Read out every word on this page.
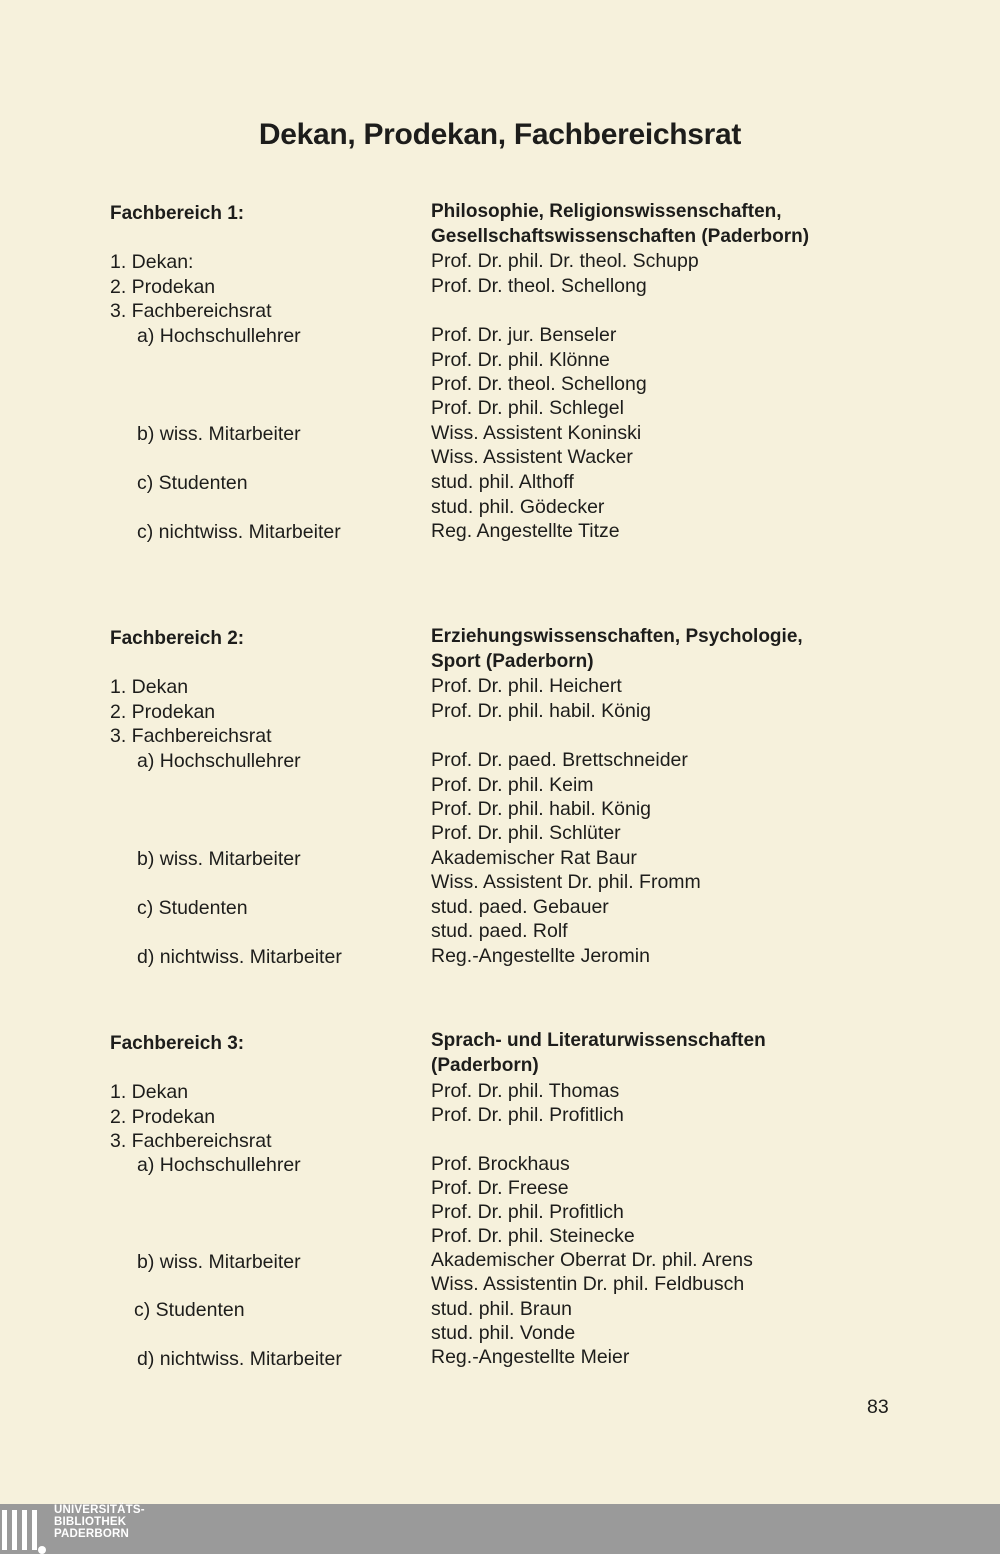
Dekan, Prodekan, Fachbereichsrat
Fachbereich 1:	Philosophie, Religionswissenschaften,
Gesellschaftswissenschaften (Paderborn)
1. Dekan:	Prof. Dr. phil. Dr. theol. Schupp
2. Prodekan	Prof. Dr. theol. Schellong
3. Fachbereichsrat
a) Hochschullehrer	Prof. Dr. jur. Benseler
Prof. Dr. phil. Klönne
Prof. Dr. theol. Schellong
Prof. Dr. phil. Schlegel
b) wiss. Mitarbeiter	Wiss. Assistent Koninski
Wiss. Assistent Wacker
c) Studenten	stud. phil. Althoff
stud. phil. Gödecker
c) nichtwiss. Mitarbeiter	Reg. Angestellte Titze
Fachbereich 2:	Erziehungswissenschaften, Psychologie,
Sport (Paderborn)
1. Dekan	Prof. Dr. phil. Heichert
2. Prodekan	Prof. Dr. phil. habil. König
3. Fachbereichsrat
a) Hochschullehrer	Prof. Dr. paed. Brettschneider
Prof. Dr. phil. Keim
Prof. Dr. phil. habil. König
Prof. Dr. phil. Schlüter
b) wiss. Mitarbeiter	Akademischer Rat Baur
Wiss. Assistent Dr. phil. Fromm
c) Studenten	stud. paed. Gebauer
stud. paed. Rolf
d) nichtwiss. Mitarbeiter	Reg.-Angestellte Jeromin
Fachbereich 3:	Sprach- und Literaturwissenschaften
(Paderborn)
1. Dekan	Prof. Dr. phil. Thomas
2. Prodekan	Prof. Dr. phil. Profitlich
3. Fachbereichsrat
a) Hochschullehrer	Prof. Brockhaus
Prof. Dr. Freese
Prof. Dr. phil. Profitlich
Prof. Dr. phil. Steinecke
b) wiss. Mitarbeiter	Akademischer Oberrat Dr. phil. Arens
Wiss. Assistentin Dr. phil. Feldbusch
c) Studenten	stud. phil. Braun
stud. phil. Vonde
d) nichtwiss. Mitarbeiter	Reg.-Angestellte Meier
83
UNIVERSITÄTS-
BIBLIOTHEK
PADERBORN
